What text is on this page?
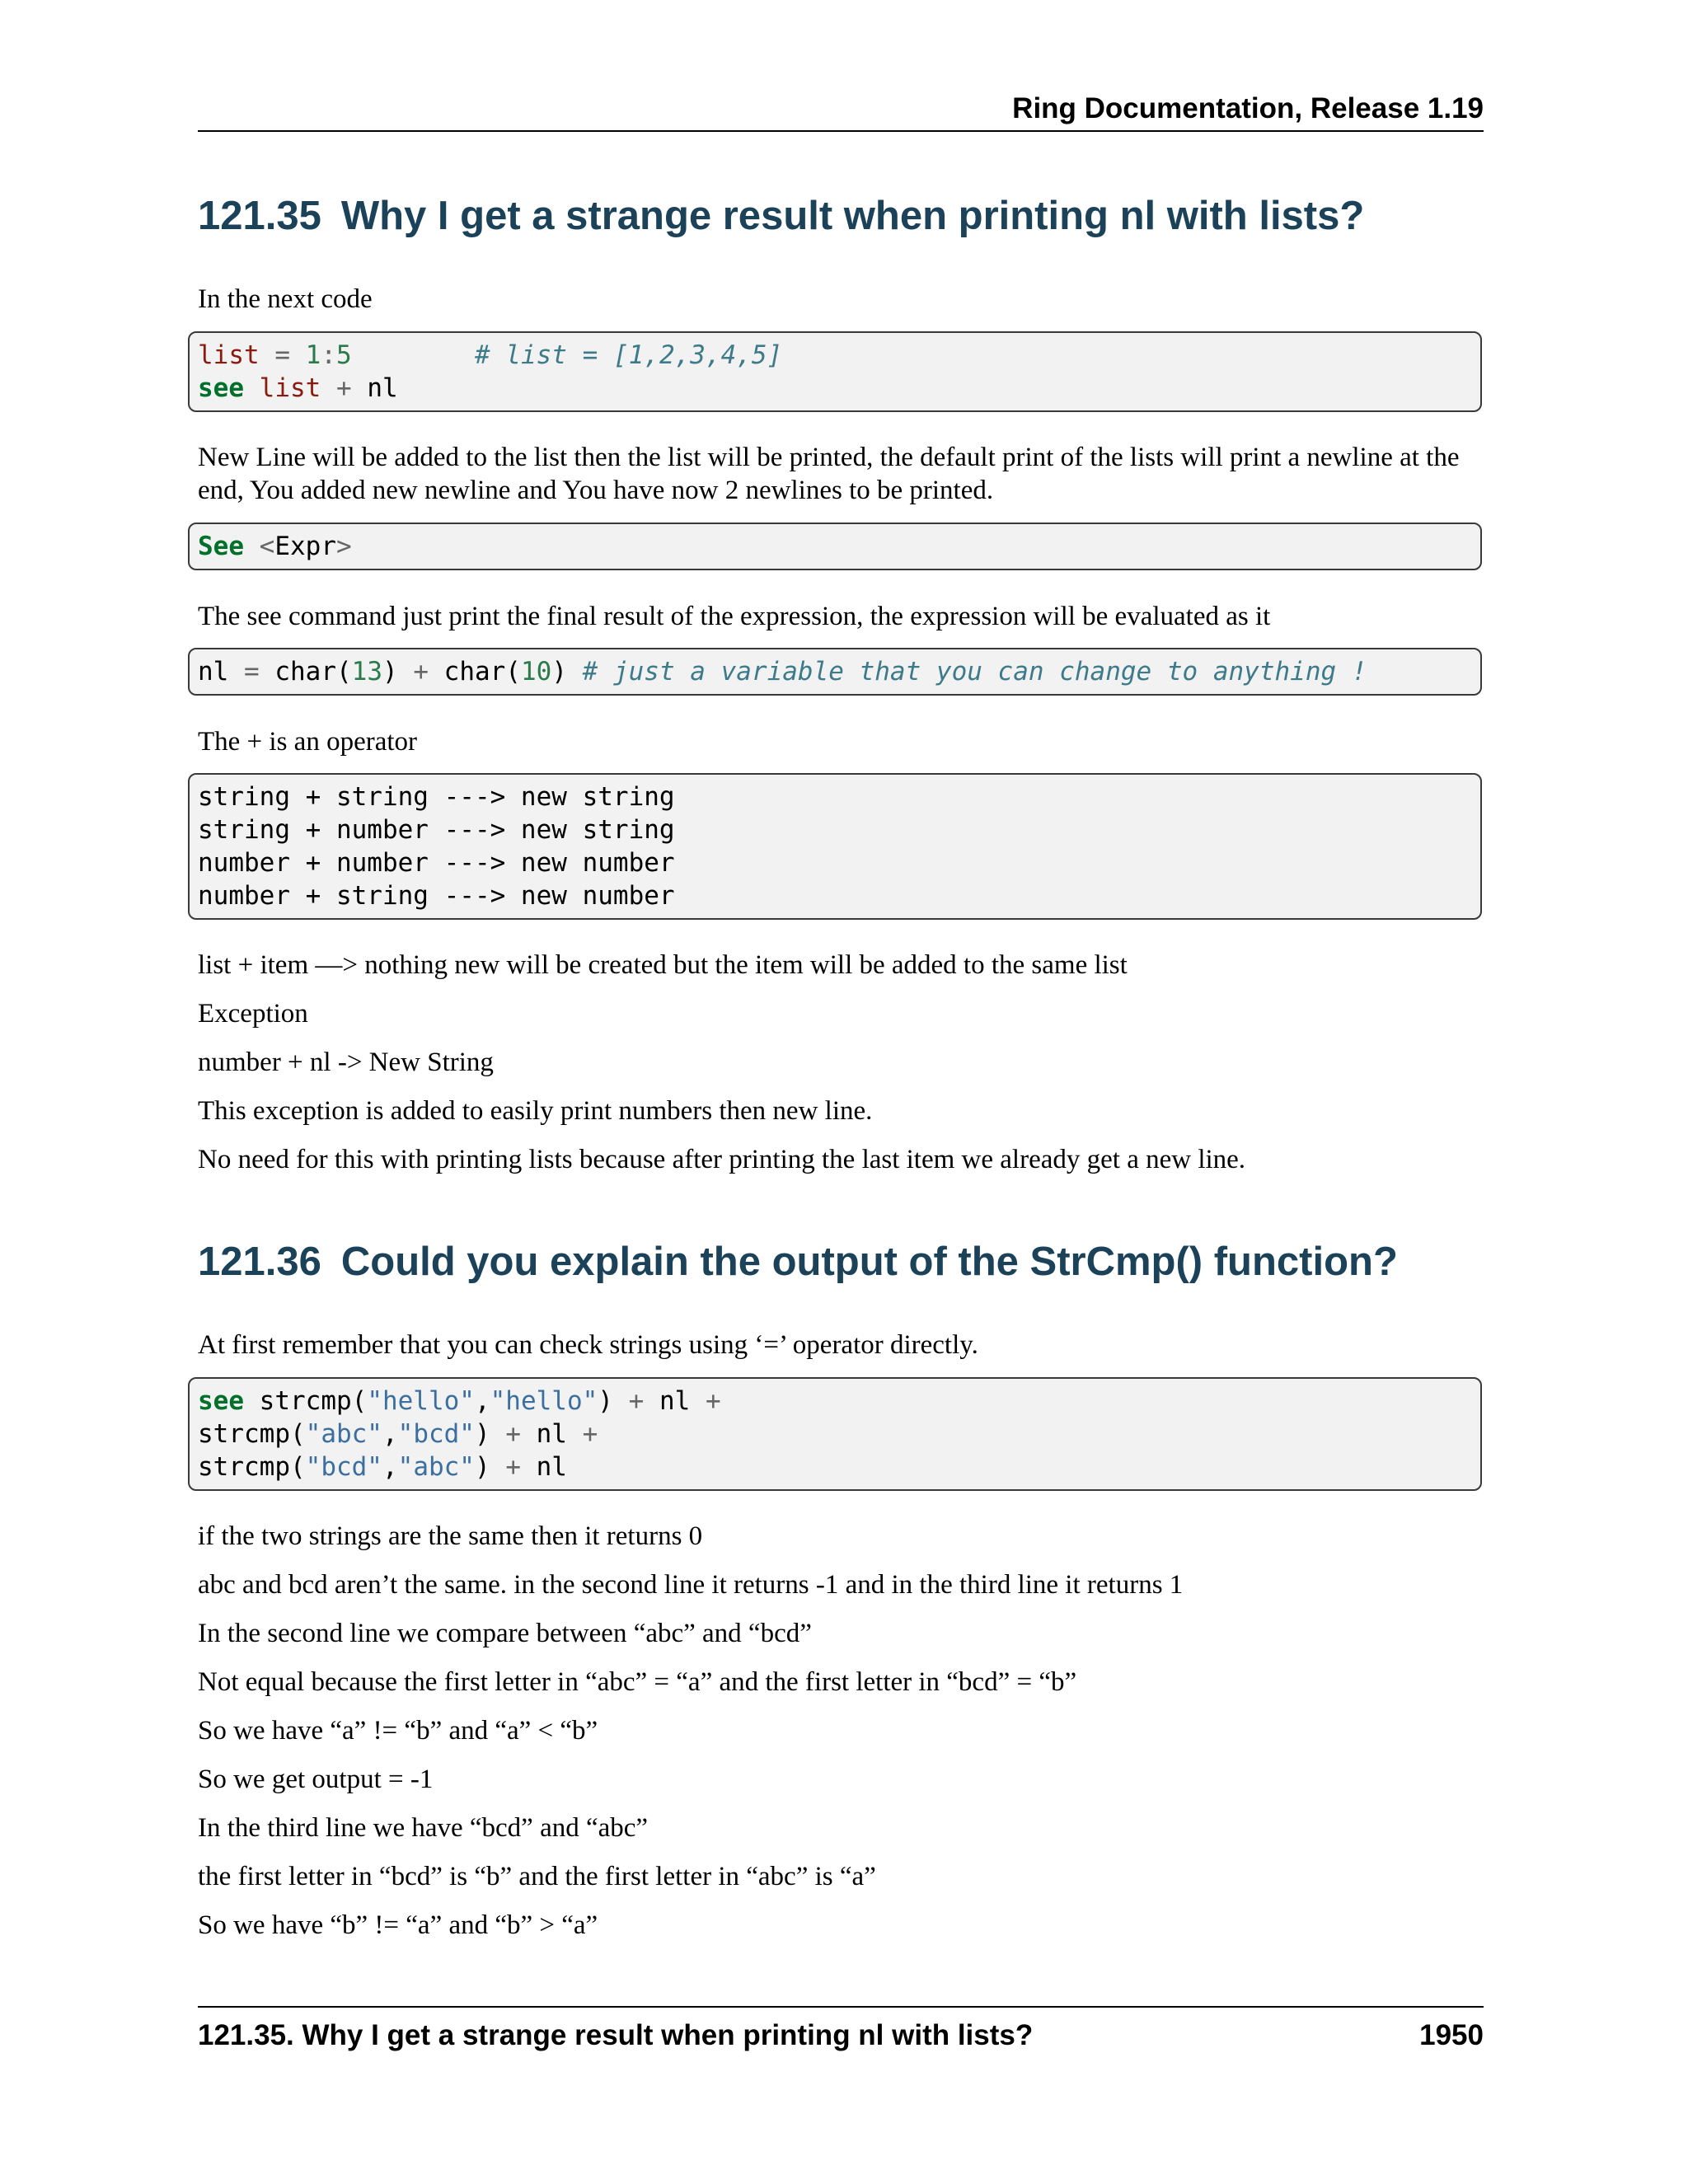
Ring Documentation, Release 1.19
121.35 Why I get a strange result when printing nl with lists?

In the next code

list = 1:5	# list = [1,2,3,4,5]
see list + nl

New Line will be added to the list then the list will be printed, the default print of the lists will print a newline at the end, You added new newline and You have now 2 newlines to be printed.

See <Expr>

The see command just print the final result of the expression, the expression will be evaluated as it

nl = char(13) + char(10) # just a variable that you can change to anything !

The + is an operator

string + string ---> new string
string + number ---> new string
number + number ---> new number
number + string ---> new number

list + item —> nothing new will be created but the item will be added to the same list

Exception

number + nl -> New String

This exception is added to easily print numbers then new line.

No need for this with printing lists because after printing the last item we already get a new line.

121.36 Could you explain the output of the StrCmp() function?

At first remember that you can check strings using ‘=’ operator directly.

see strcmp("hello","hello") + nl +
strcmp("abc","bcd") + nl +
strcmp("bcd","abc") + nl

if the two strings are the same then it returns 0

abc and bcd aren’t the same. in the second line it returns -1 and in the third line it returns 1

In the second line we compare between “abc” and “bcd”

Not equal because the first letter in “abc” = “a” and the first letter in “bcd” = “b”

So we have “a” != “b” and “a” < “b”

So we get output = -1

In the third line we have “bcd” and “abc”

the first letter in “bcd” is “b” and the first letter in “abc” is “a”

So we have “b” != “a” and “b” > “a”

121.35. Why I get a strange result when printing nl with lists?	1950
